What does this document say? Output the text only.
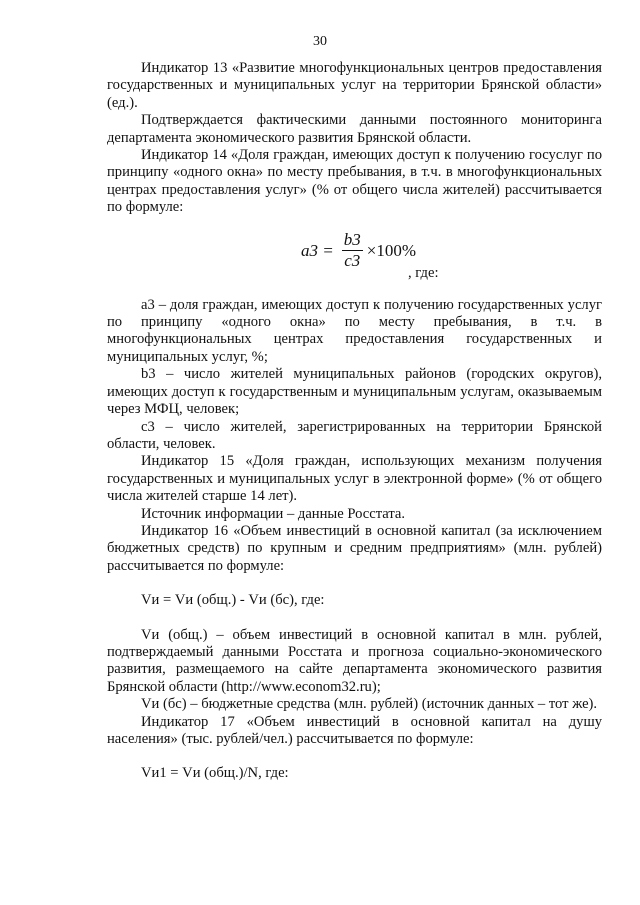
30

Индикатор 13 «Развитие многофункциональных центров предоставления государственных и муниципальных услуг на территории Брянской области» (ед.).

Подтверждается фактическими данными постоянного мониторинга департамента экономического развития Брянской области.

Индикатор 14 «Доля граждан, имеющих доступ к получению госуслуг по принципу «одного окна» по месту пребывания, в т.ч. в многофункциональных центрах предоставления услуг» (% от общего числа жителей) рассчитывается по формуле:

$a3 = \frac{b3}{c3} \times 100\%$
, где:

a3 – доля граждан, имеющих доступ к получению государственных услуг по принципу «одного окна» по месту пребывания, в т.ч. в многофункциональных центрах предоставления государственных и муниципальных услуг, %;

b3 – число жителей муниципальных районов (городских округов), имеющих доступ к государственным и муниципальным услугам, оказываемым через МФЦ, человек;

c3 – число жителей, зарегистрированных на территории Брянской области, человек.

Индикатор 15 «Доля граждан, использующих механизм получения государственных и муниципальных услуг в электронной форме» (% от общего числа жителей старше 14 лет).

Источник информации – данные Росстата.

Индикатор 16 «Объем инвестиций в основной капитал (за исключением бюджетных средств) по крупным и средним предприятиям» (млн. рублей) рассчитывается по формуле:

Vи = Vи (общ.) - Vи (бс), где:

Vи (общ.) – объем инвестиций в основной капитал в млн. рублей, подтверждаемый данными Росстата и прогноза социально-экономического развития, размещаемого на сайте департамента экономического развития Брянской области (http://www.econom32.ru);

Vи (бс) – бюджетные средства (млн. рублей) (источник данных – тот же).

Индикатор 17 «Объем инвестиций в основной капитал на душу населения» (тыс. рублей/чел.) рассчитывается по формуле:

Vи1 = Vи (общ.)/N, где:
